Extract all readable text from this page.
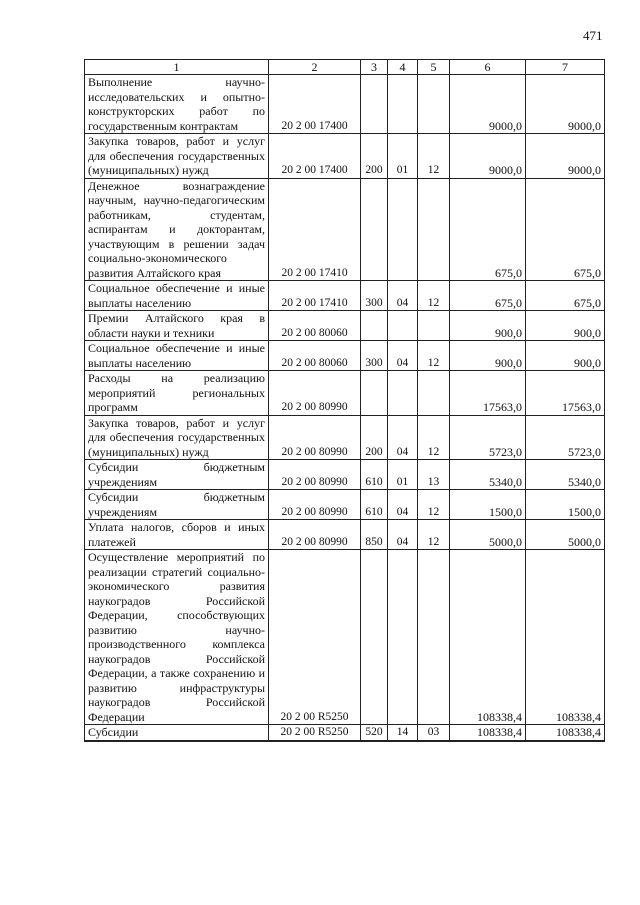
471
1	2	3	4	5	6	7
Выполнение научно-исследовательских и опытно-конструкторских работ по государственным контрактам	20 2 00 17400				9000,0	9000,0
Закупка товаров, работ и услуг для обеспечения государственных (муниципальных) нужд	20 2 00 17400	200	01	12	9000,0	9000,0
Денежное вознаграждение научным, научно-педагогическим работникам, студентам, аспирантам и докторантам, участвующим в решении задач социально-экономического развития Алтайского края	20 2 00 17410				675,0	675,0
Социальное обеспечение и иные выплаты населению	20 2 00 17410	300	04	12	675,0	675,0
Премии Алтайского края в области науки и техники	20 2 00 80060				900,0	900,0
Социальное обеспечение и иные выплаты населению	20 2 00 80060	300	04	12	900,0	900,0
Расходы на реализацию мероприятий региональных программ	20 2 00 80990				17563,0	17563,0
Закупка товаров, работ и услуг для обеспечения государственных (муниципальных) нужд	20 2 00 80990	200	04	12	5723,0	5723,0
Субсидии бюджетным учреждениям	20 2 00 80990	610	01	13	5340,0	5340,0
Субсидии бюджетным учреждениям	20 2 00 80990	610	04	12	1500,0	1500,0
Уплата налогов, сборов и иных платежей	20 2 00 80990	850	04	12	5000,0	5000,0
Осуществление мероприятий по реализации стратегий социально-экономического развития наукоградов Российской Федерации, способствующих развитию научно-производственного комплекса наукоградов Российской Федерации, а также сохранению и развитию инфраструктуры наукоградов Российской Федерации	20 2 00 R5250				108338,4	108338,4
Субсидии	20 2 00 R5250	520	14	03	108338,4	108338,4
